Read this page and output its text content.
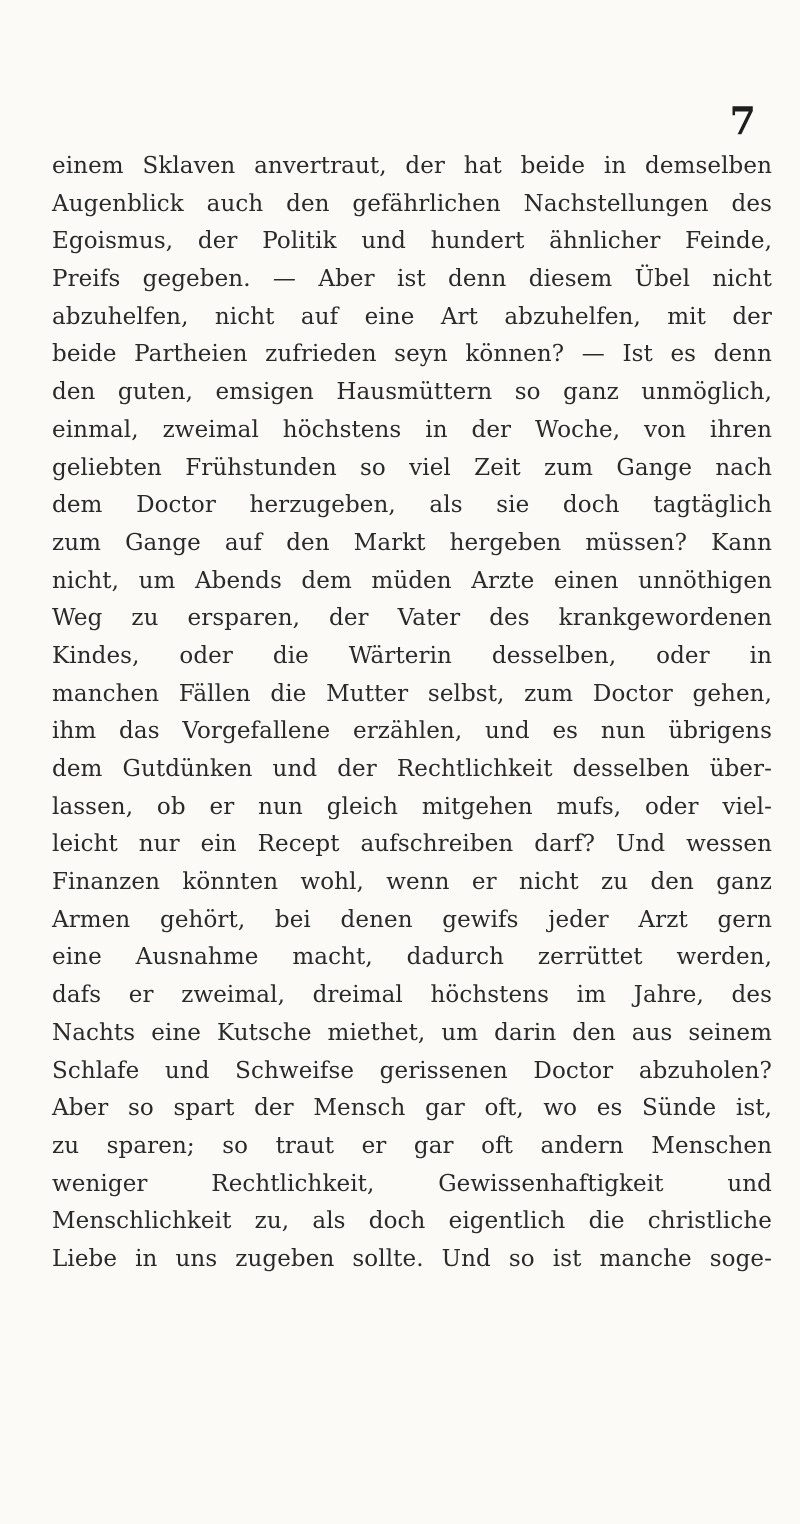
7
einem Sklaven anvertraut, der hat beide in demselben
Augenblick auch den gefährlichen Nachstellungen des
Egoismus, der Politik und hundert ähnlicher Feinde,
Preifs gegeben. — Aber ist denn diesem Übel nicht
abzuhelfen, nicht auf eine Art abzuhelfen, mit der
beide Partheien zufrieden seyn können? — Ist es denn
den guten, emsigen Hausmüttern so ganz unmöglich,
einmal, zweimal höchstens in der Woche, von ihren
geliebten Frühstunden so viel Zeit zum Gange nach
dem Doctor herzugeben, als sie doch tagtäglich
zum Gange auf den Markt hergeben müssen? Kann
nicht, um Abends dem müden Arzte einen unnöthigen
Weg zu ersparen, der Vater des krankgewordenen
Kindes, oder die Wärterin desselben, oder in
manchen Fällen die Mutter selbst, zum Doctor gehen,
ihm das Vorgefallene erzählen, und es nun übrigens
dem Gutdünken und der Rechtlichkeit desselben über-
lassen, ob er nun gleich mitgehen mufs, oder viel-
leicht nur ein Recept aufschreiben darf? Und wessen
Finanzen könnten wohl, wenn er nicht zu den ganz
Armen gehört, bei denen gewifs jeder Arzt gern
eine Ausnahme macht, dadurch zerrüttet werden,
dafs er zweimal, dreimal höchstens im Jahre, des
Nachts eine Kutsche miethet, um darin den aus seinem
Schlafe und Schweifse gerissenen Doctor abzuholen?
Aber so spart der Mensch gar oft, wo es Sünde ist,
zu sparen; so traut er gar oft andern Menschen
weniger Rechtlichkeit, Gewissenhaftigkeit und
Menschlichkeit zu, als doch eigentlich die christliche
Liebe in uns zugeben sollte. Und so ist manche soge-
